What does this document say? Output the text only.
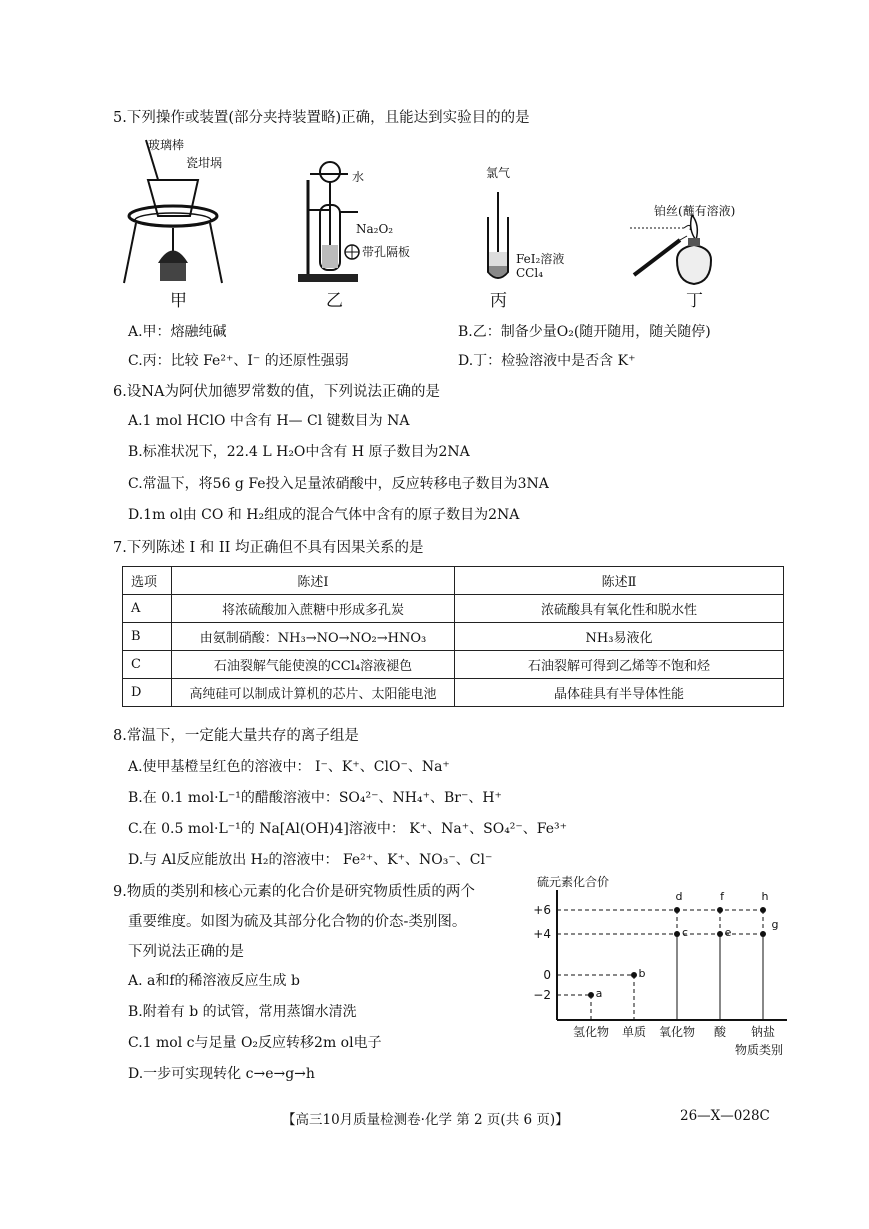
5.下列操作或装置(部分夹持装置略)正确，且能达到实验目的的是
玻璃棒
瓷坩埚
甲
水
Na₂O₂
带孔隔板
乙
氯气
FeI₂溶液
CCl₄
丙
铂丝(蘸有溶液)
丁
A.甲：熔融纯碱	B.乙：制备少量O₂(随开随用，随关随停)
C.丙：比较 Fe²⁺、I⁻ 的还原性强弱	D.丁：检验溶液中是否含 K⁺
6.设NA为阿伏加德罗常数的值，下列说法正确的是
A.1 mol HClO 中含有 H— Cl 键数目为 NA
B.标准状况下，22.4 L H₂O中含有 H 原子数目为2NA
C.常温下，将56 g Fe投入足量浓硝酸中，反应转移电子数目为3NA
D.1m ol由 CO 和 H₂组成的混合气体中含有的原子数目为2NA
7.下列陈述 I 和 II 均正确但不具有因果关系的是
选项	陈述Ⅰ	陈述Ⅱ
A	将浓硫酸加入蔗糖中形成多孔炭	浓硫酸具有氧化性和脱水性
B	由氨制硝酸：NH₃→NO→NO₂→HNO₃	NH₃易液化
C	石油裂解气能使溴的CCl₄溶液褪色	石油裂解可得到乙烯等不饱和烃
D	高纯硅可以制成计算机的芯片、太阳能电池	晶体硅具有半导体性能
8.常温下，一定能大量共存的离子组是
A.使甲基橙呈红色的溶液中： I⁻、K⁺、ClO⁻、Na⁺
B.在 0.1 mol·L⁻¹的醋酸溶液中：SO₄²⁻、NH₄⁺、Br⁻、H⁺
C.在 0.5 mol·L⁻¹的 Na[Al(OH)4]溶液中： K⁺、Na⁺、SO₄²⁻、Fe³⁺
D.与 Al反应能放出 H₂的溶液中： Fe²⁺、K⁺、NO₃⁻、Cl⁻
9.物质的类别和核心元素的化合价是研究物质性质的两个
重要维度。如图为硫及其部分化合物的价态-类别图。
下列说法正确的是
A. a和f的稀溶液反应生成 b
B.附着有 b 的试管，常用蒸馏水清洗
C.1 mol c与足量 O₂反应转移2m ol电子
D.一步可实现转化 c→e→g→h
硫元素化合价
+6
+4
0
−2
氢化物 单质 氧化物 酸 钠盐
物质类别
a
b
c
d
e
f
g
h
【高三10月质量检测卷·化学 第 2 页(共 6 页)】	26—X—028C
